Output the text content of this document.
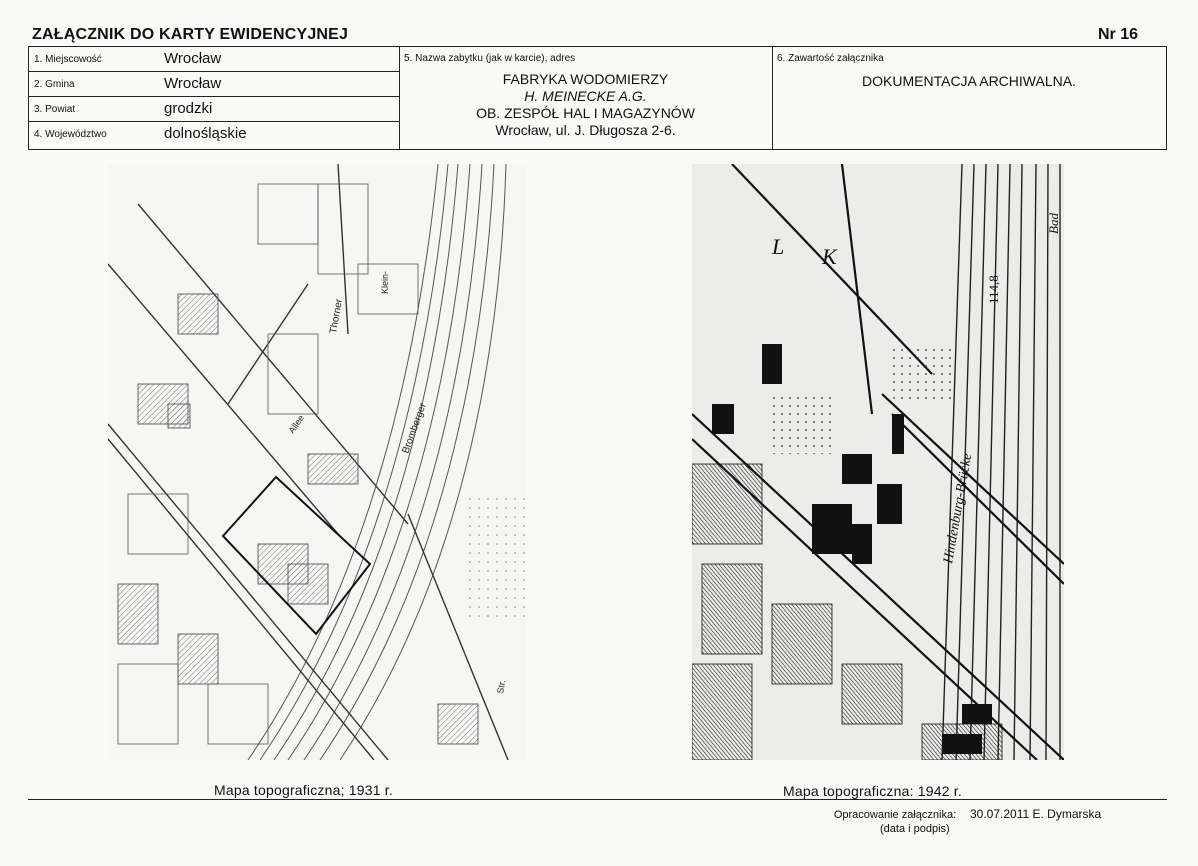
ZAŁĄCZNIK DO KARTY EWIDENCYJNEJ	Nr 16
1. Miejscowość	Wrocław
2. Gmina	Wrocław
3. Powiat	grodzki
4. Województwo	dolnośląskie
5. Nazwa zabytku (jak w karcie), adres
FABRYKA WODOMIERZY
H. MEINECKE A.G.
OB. ZESPÓŁ HAL I MAGAZYNÓW
Wrocław, ul. J. Długosza 2-6.
6. Zawartość załącznika
DOKUMENTACJA ARCHIWALNA.
Thorner
Bromberger
Allee
Klein-
Str.
Hindenburg-Brücke
114,8
Bad
K
L
Mapa topograficzna; 1931 r.	Mapa topograficzna: 1942 r.
Opracowanie załącznika:
(data i podpis)
30.07.2011 E. Dymarska
